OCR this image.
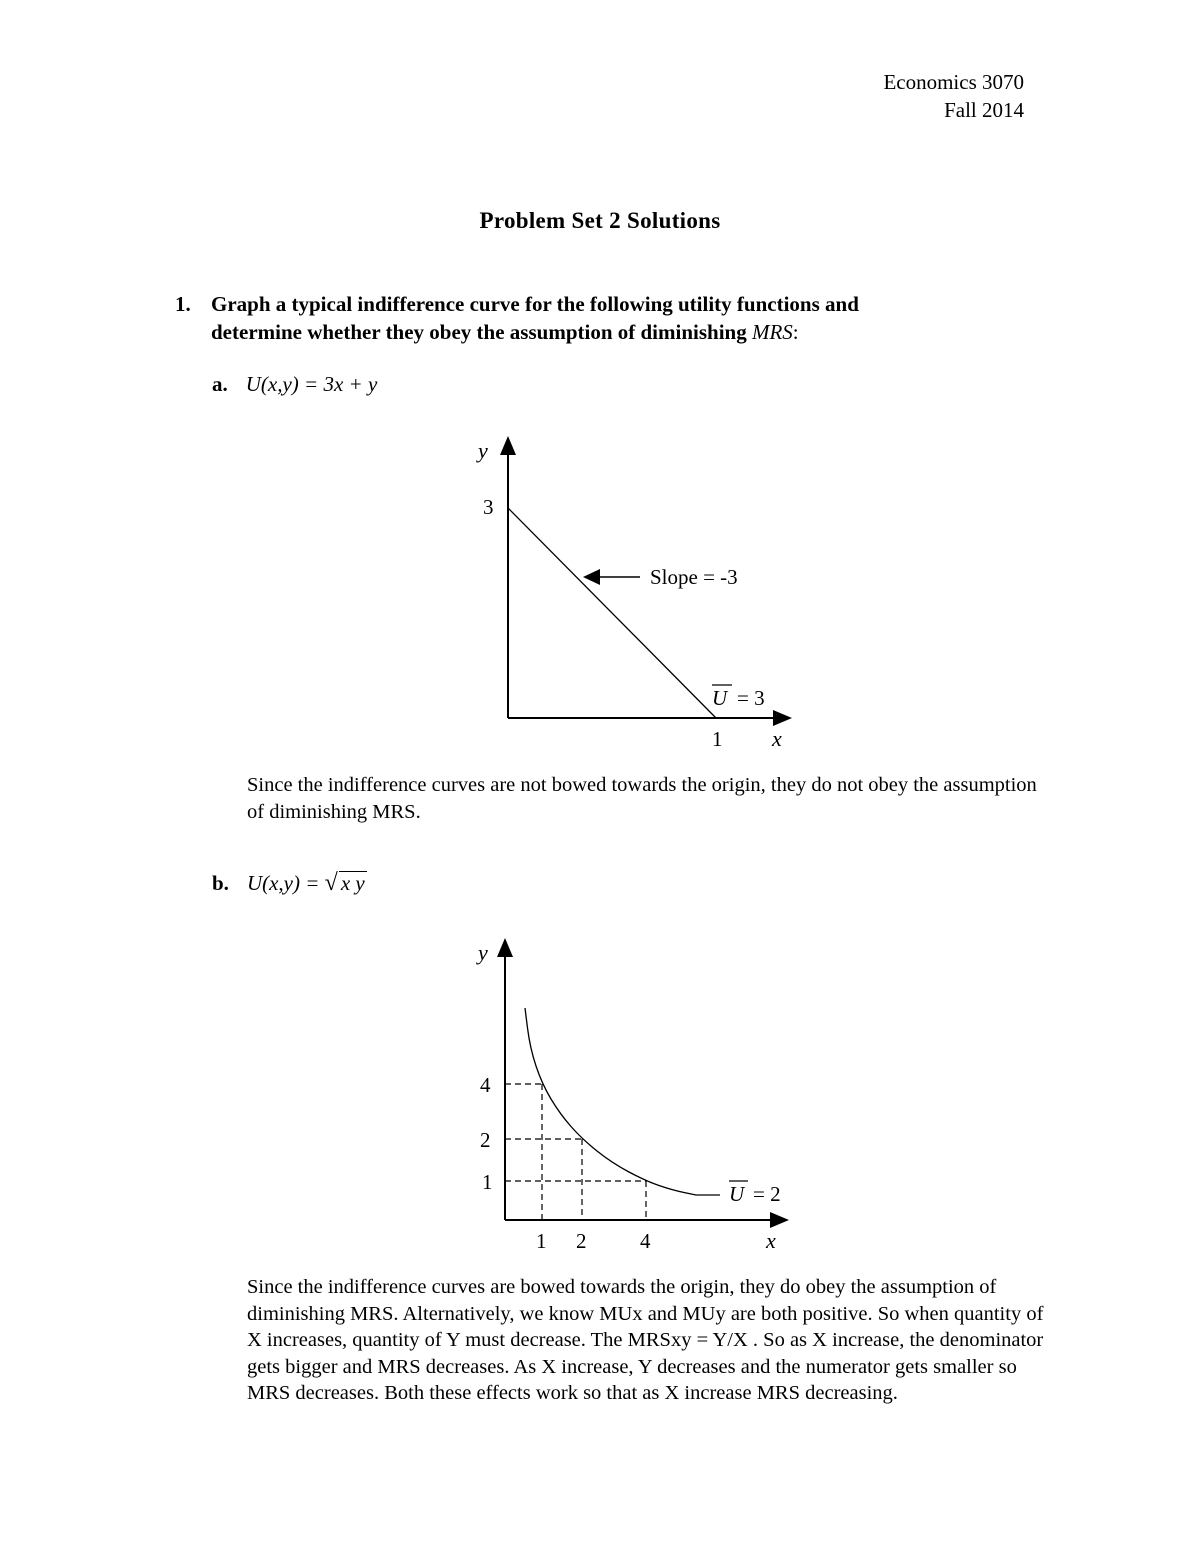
Economics 3070
Fall 2014
Problem Set 2 Solutions
1. Graph a typical indifference curve for the following utility functions and
determine whether they obey the assumption of diminishing MRS:
a. U(x,y) = 3x + y
Slope = -3
y
3
1 x
U = 3
y
4
2
1
1 2	4	x
U = 2
Since the indifference curves are not bowed towards the origin, they do not obey the assumption of diminishing MRS.
b. U(x,y) = √ x y
Since the indifference curves are bowed towards the origin, they do obey the assumption of diminishing MRS. Alternatively, we know MUx and MUy are both positive. So when quantity of X increases, quantity of Y must decrease. The MRSxy = Y/X . So as X increase, the denominator gets bigger and MRS decreases. As X increase, Y decreases and the numerator gets smaller so MRS decreases. Both these effects work so that as X increase MRS decreasing.
